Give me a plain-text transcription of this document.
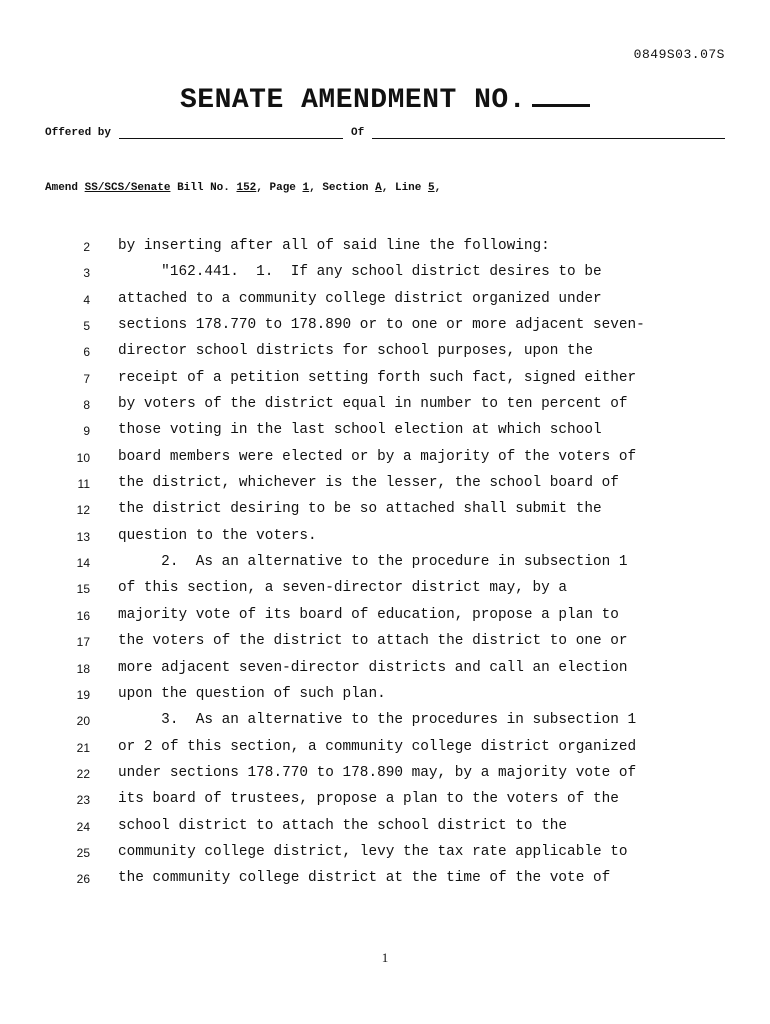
0849S03.07S
SENATE AMENDMENT NO.
Offered by	Of
Amend SS/SCS/Senate Bill No. 152, Page 1, Section A, Line 5,
2 by inserting after all of said line the following:
3 "162.441.  1.  If any school district desires to be
4 attached to a community college district organized under
5 sections 178.770 to 178.890 or to one or more adjacent seven-
6 director school districts for school purposes, upon the
7 receipt of a petition setting forth such fact, signed either
8 by voters of the district equal in number to ten percent of
9 those voting in the last school election at which school
10 board members were elected or by a majority of the voters of
11 the district, whichever is the lesser, the school board of
12 the district desiring to be so attached shall submit the
13 question to the voters.
14 2.  As an alternative to the procedure in subsection 1
15 of this section, a seven-director district may, by a
16 majority vote of its board of education, propose a plan to
17 the voters of the district to attach the district to one or
18 more adjacent seven-director districts and call an election
19 upon the question of such plan.
20 3.  As an alternative to the procedures in subsection 1
21 or 2 of this section, a community college district organized
22 under sections 178.770 to 178.890 may, by a majority vote of
23 its board of trustees, propose a plan to the voters of the
24 school district to attach the school district to the
25 community college district, levy the tax rate applicable to
26 the community college district at the time of the vote of
1
